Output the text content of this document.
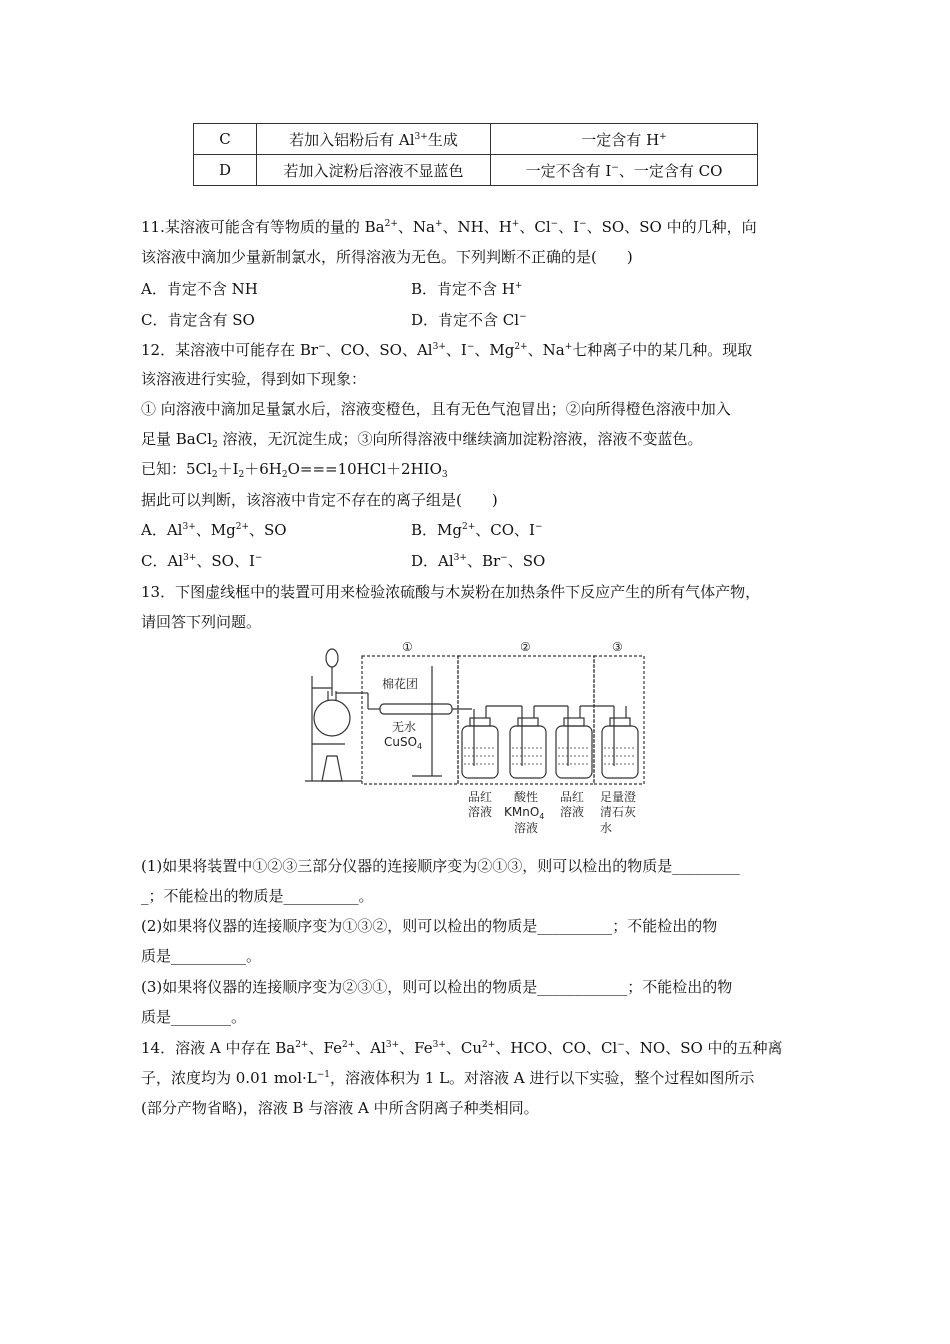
C	若加入铝粉后有 $Al^{3+}$生成	一定含有 H+
D	若加入淀粉后溶液不显蓝色	一定不含有 I−、一定含有 CO
11.某溶液可能含有等物质的量的 $Ba^{2+}$、Na+、NH、H+、Cl−、I−、SO、SO 中的几种，向
该溶液中滴加少量新制氯水，所得溶液为无色。下列判断不正确的是(　　)
A．肯定不含 NH	B．肯定不含 H+
C．肯定含有 SO	D．肯定不含 Cl−
12．某溶液中可能存在 Br−、CO、SO、$Al^{3+}$、I−、$Mg^{2+}$、Na+七种离子中的某几种。现取
该溶液进行实验，得到如下现象：
① 向溶液中滴加足量氯水后，溶液变橙色，且有无色气泡冒出；②向所得橙色溶液中加入
足量 BaCl$_2$ 溶液，无沉淀生成；③向所得溶液中继续滴加淀粉溶液，溶液不变蓝色。
已知：$5Cl_2+I_2+6H_2O===10HCl+2HIO_3$
据此可以判断，该溶液中肯定不存在的离子组是(　　)
A．$Al^{3+}$、$Mg^{2+}$、SO	B．$Mg^{2+}$、CO、I−
C．$Al^{3+}$、SO、I−	D．$Al^{3+}$、Br−、SO
13．下图虚线框中的装置可用来检验浓硫酸与木炭粉在加热条件下反应产生的所有气体产物，
请回答下列问题。
①	②	③
棉花团
无水
CuSO$_4$
品红
溶液
酸性
KMnO$_4$
溶液
品红
溶液
足量澄
清石灰
水
(1)如果将装置中①②③三部分仪器的连接顺序变为②①③，则可以检出的物质是_________
_；不能检出的物质是__________。
(2)如果将仪器的连接顺序变为①③②，则可以检出的物质是__________；不能检出的物
质是__________。
(3)如果将仪器的连接顺序变为②③①，则可以检出的物质是____________；不能检出的物
质是________。
14．溶液 A 中存在 $Ba^{2+}$、$Fe^{2+}$、$Al^{3+}$、$Fe^{3+}$、$Cu^{2+}$、HCO、CO、Cl−、NO、SO 中的五种离
子，浓度均为 0.01 $mol\cdot L^{-1}$，溶液体积为 1 L。对溶液 A 进行以下实验，整个过程如图所示
(部分产物省略)，溶液 B 与溶液 A 中所含阴离子种类相同。
